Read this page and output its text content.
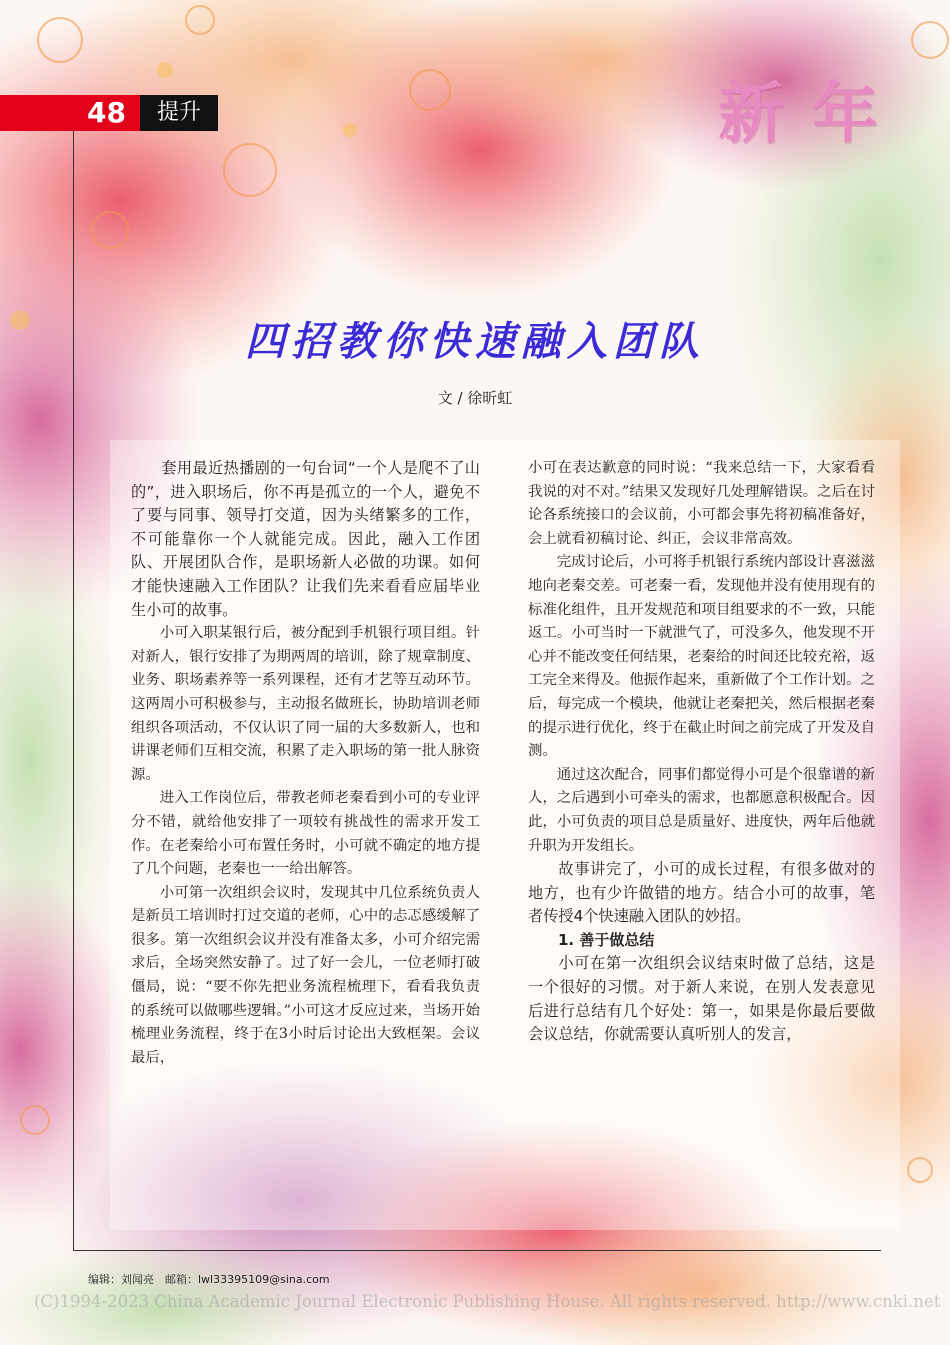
48	提升	新年
四招教你快速融入团队
文 / 徐昕虹

套用最近热播剧的一句台词“一个人是爬不了山的”，进入职场后，你不再是孤立的一个人，避免不了要与同事、领导打交道，因为头绪繁多的工作，不可能靠你一个人就能完成。因此，融入工作团队、开展团队合作，是职场新人必做的功课。如何才能快速融入工作团队？让我们先来看看应届毕业生小可的故事。

小可入职某银行后，被分配到手机银行项目组。针对新人，银行安排了为期两周的培训，除了规章制度、业务、职场素养等一系列课程，还有才艺等互动环节。这两周小可积极参与，主动报名做班长，协助培训老师组织各项活动，不仅认识了同一届的大多数新人，也和讲课老师们互相交流，积累了走入职场的第一批人脉资源。

进入工作岗位后，带教老师老秦看到小可的专业评分不错，就给他安排了一项较有挑战性的需求开发工作。在老秦给小可布置任务时，小可就不确定的地方提了几个问题，老秦也一一给出解答。

小可第一次组织会议时，发现其中几位系统负责人是新员工培训时打过交道的老师，心中的忐忑感缓解了很多。第一次组织会议并没有准备太多，小可介绍完需求后，全场突然安静了。过了好一会儿，一位老师打破僵局，说：“要不你先把业务流程梳理下，看看我负责的系统可以做哪些逻辑。”小可这才反应过来，当场开始梳理业务流程，终于在3小时后讨论出大致框架。会议最后，

小可在表达歉意的同时说：“我来总结一下，大家看看我说的对不对。”结果又发现好几处理解错误。之后在讨论各系统接口的会议前，小可都会事先将初稿准备好，会上就看初稿讨论、纠正，会议非常高效。

完成讨论后，小可将手机银行系统内部设计喜滋滋地向老秦交差。可老秦一看，发现他并没有使用现有的标准化组件，且开发规范和项目组要求的不一致，只能返工。小可当时一下就泄气了，可没多久，他发现不开心并不能改变任何结果，老秦给的时间还比较充裕，返工完全来得及。他振作起来，重新做了个工作计划。之后，每完成一个模块，他就让老秦把关，然后根据老秦的提示进行优化，终于在截止时间之前完成了开发及自测。

通过这次配合，同事们都觉得小可是个很靠谱的新人，之后遇到小可牵头的需求，也都愿意积极配合。因此，小可负责的项目总是质量好、进度快，两年后他就升职为开发组长。

故事讲完了，小可的成长过程，有很多做对的地方，也有少许做错的地方。结合小可的故事，笔者传授4个快速融入团队的妙招。

1. 善于做总结

小可在第一次组织会议结束时做了总结，这是一个很好的习惯。对于新人来说，在别人发表意见后进行总结有几个好处：第一，如果是你最后要做会议总结，你就需要认真听别人的发言，

编辑：刘闻亮　邮箱：lwl33395109@sina.com
(C)1994-2023 China Academic Journal Electronic Publishing House. All rights reserved. http://www.cnki.net
